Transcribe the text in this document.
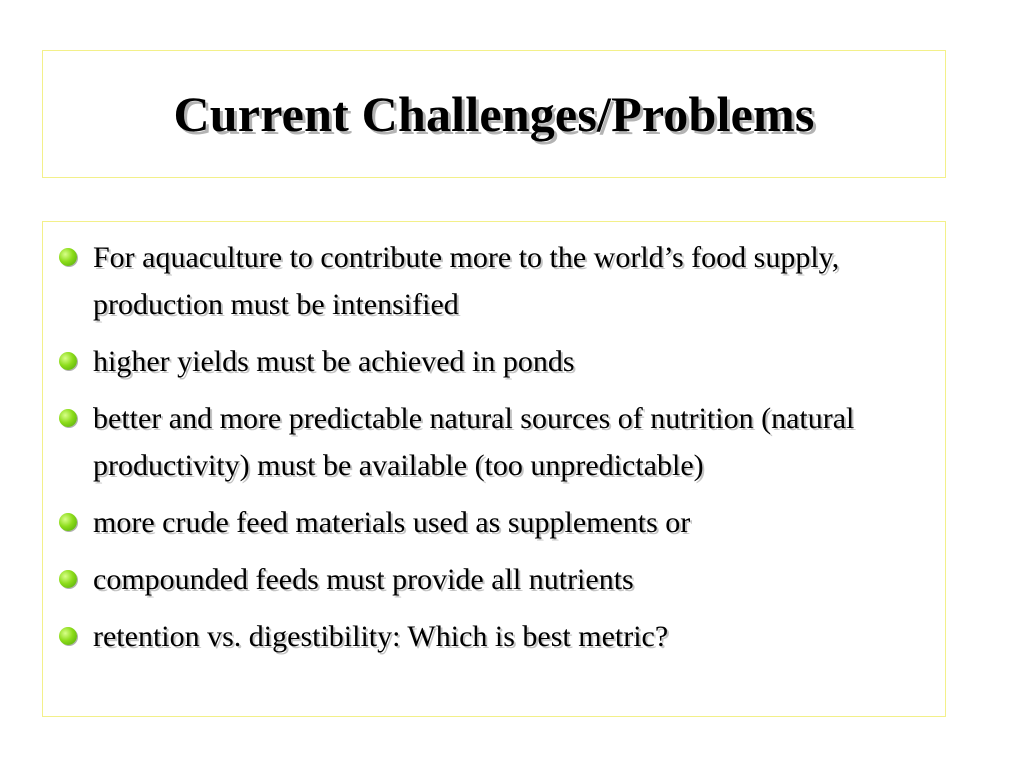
Current Challenges/Problems
For aquaculture to contribute more to the world’s food supply, production must be intensified
higher yields must be achieved in ponds
better and more predictable natural sources of nutrition (natural productivity) must be available (too unpredictable)
more crude feed materials used as supplements or
compounded feeds must provide all nutrients
retention vs. digestibility: Which is best metric?
